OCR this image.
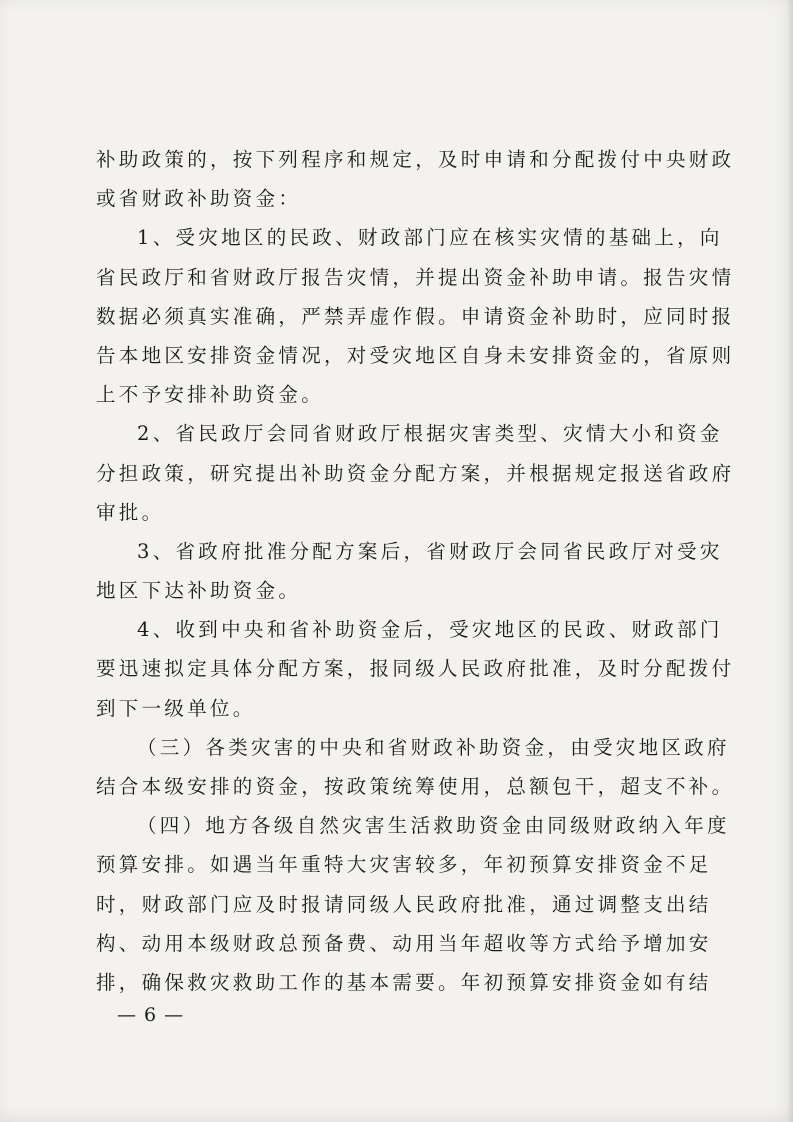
补助政策的，按下列程序和规定，及时申请和分配拨付中央财政
或省财政补助资金：
1、受灾地区的民政、财政部门应在核实灾情的基础上，向
省民政厅和省财政厅报告灾情，并提出资金补助申请。报告灾情
数据必须真实准确，严禁弄虚作假。申请资金补助时，应同时报
告本地区安排资金情况，对受灾地区自身未安排资金的，省原则
上不予安排补助资金。
2、省民政厅会同省财政厅根据灾害类型、灾情大小和资金
分担政策，研究提出补助资金分配方案，并根据规定报送省政府
审批。
3、省政府批准分配方案后，省财政厅会同省民政厅对受灾
地区下达补助资金。
4、收到中央和省补助资金后，受灾地区的民政、财政部门
要迅速拟定具体分配方案，报同级人民政府批准，及时分配拨付
到下一级单位。
（三）各类灾害的中央和省财政补助资金，由受灾地区政府
结合本级安排的资金，按政策统筹使用，总额包干，超支不补。
（四）地方各级自然灾害生活救助资金由同级财政纳入年度
预算安排。如遇当年重特大灾害较多，年初预算安排资金不足
时，财政部门应及时报请同级人民政府批准，通过调整支出结
构、动用本级财政总预备费、动用当年超收等方式给予增加安
排，确保救灾救助工作的基本需要。年初预算安排资金如有结
— 6 —
